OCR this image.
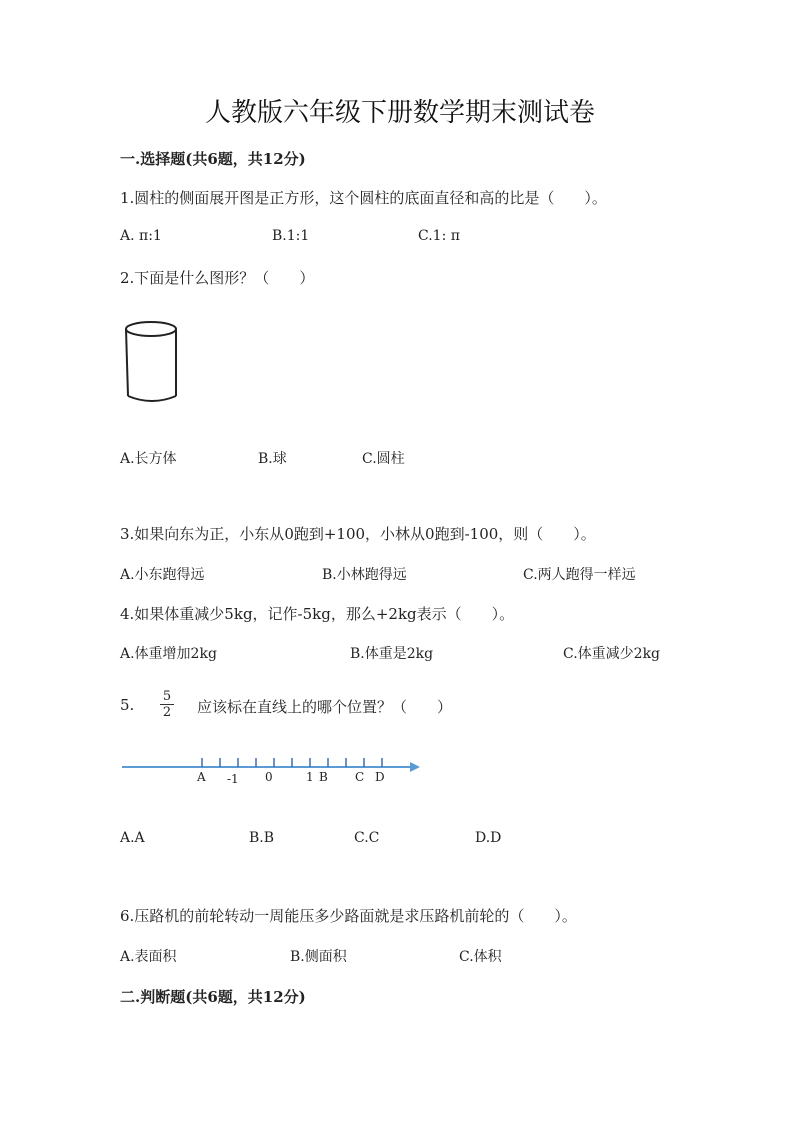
人教版六年级下册数学期末测试卷
一.选择题(共6题，共12分)
1.圆柱的侧面展开图是正方形，这个圆柱的底面直径和高的比是（　　）。
A. π:1	B.1:1	C.1: π
2.下面是什么图形？（　　）
A.长方体	B.球	C.圆柱
3.如果向东为正，小东从0跑到+100，小林从0跑到-100，则（　　）。
A.小东跑得远	B.小林跑得远	C.两人跑得一样远
4.如果体重减少5kg，记作-5kg，那么+2kg表示（　　）。
A.体重增加2kg	B.体重是2kg	C.体重减少2kg
5.	5
2	应该标在直线上的哪个位置？（　　）
A -1 0	1 B C D
A.A	B.B	C.C	D.D
6.压路机的前轮转动一周能压多少路面就是求压路机前轮的（　　）。
A.表面积	B.侧面积	C.体积
二.判断题(共6题，共12分)
